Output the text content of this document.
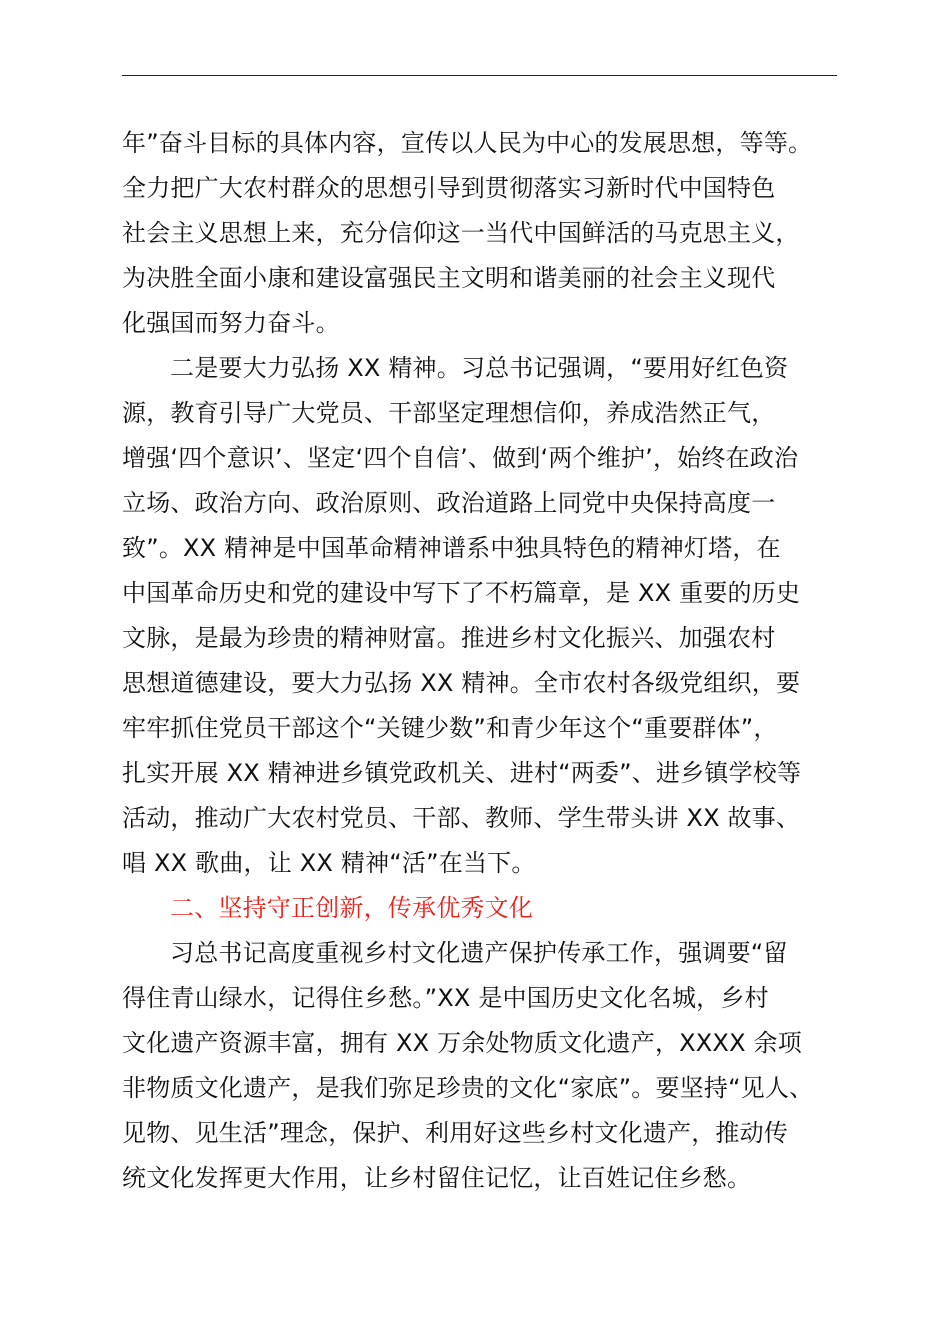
年”奋斗目标的具体内容，宣传以人民为中心的发展思想，等等。
全力把广大农村群众的思想引导到贯彻落实习新时代中国特色
社会主义思想上来，充分信仰这一当代中国鲜活的马克思主义，
为决胜全面小康和建设富强民主文明和谐美丽的社会主义现代
化强国而努力奋斗。
二是要大力弘扬 XX 精神。习总书记强调，“要用好红色资
源，教育引导广大党员、干部坚定理想信仰，养成浩然正气，
增强‘四个意识’、坚定‘四个自信’、做到‘两个维护’，始终在政治
立场、政治方向、政治原则、政治道路上同党中央保持高度一
致”。XX 精神是中国革命精神谱系中独具特色的精神灯塔，在
中国革命历史和党的建设中写下了不朽篇章，是 XX 重要的历史
文脉，是最为珍贵的精神财富。推进乡村文化振兴、加强农村
思想道德建设，要大力弘扬 XX 精神。全市农村各级党组织，要
牢牢抓住党员干部这个“关键少数”和青少年这个“重要群体”，
扎实开展 XX 精神进乡镇党政机关、进村“两委”、进乡镇学校等
活动，推动广大农村党员、干部、教师、学生带头讲 XX 故事、
唱 XX 歌曲，让 XX 精神“活”在当下。
二、坚持守正创新，传承优秀文化
习总书记高度重视乡村文化遗产保护传承工作，强调要“留
得住青山绿水，记得住乡愁。”XX 是中国历史文化名城，乡村
文化遗产资源丰富，拥有 XX 万余处物质文化遗产，XXXX 余项
非物质文化遗产，是我们弥足珍贵的文化“家底”。要坚持“见人、
见物、见生活”理念，保护、利用好这些乡村文化遗产，推动传
统文化发挥更大作用，让乡村留住记忆，让百姓记住乡愁。
